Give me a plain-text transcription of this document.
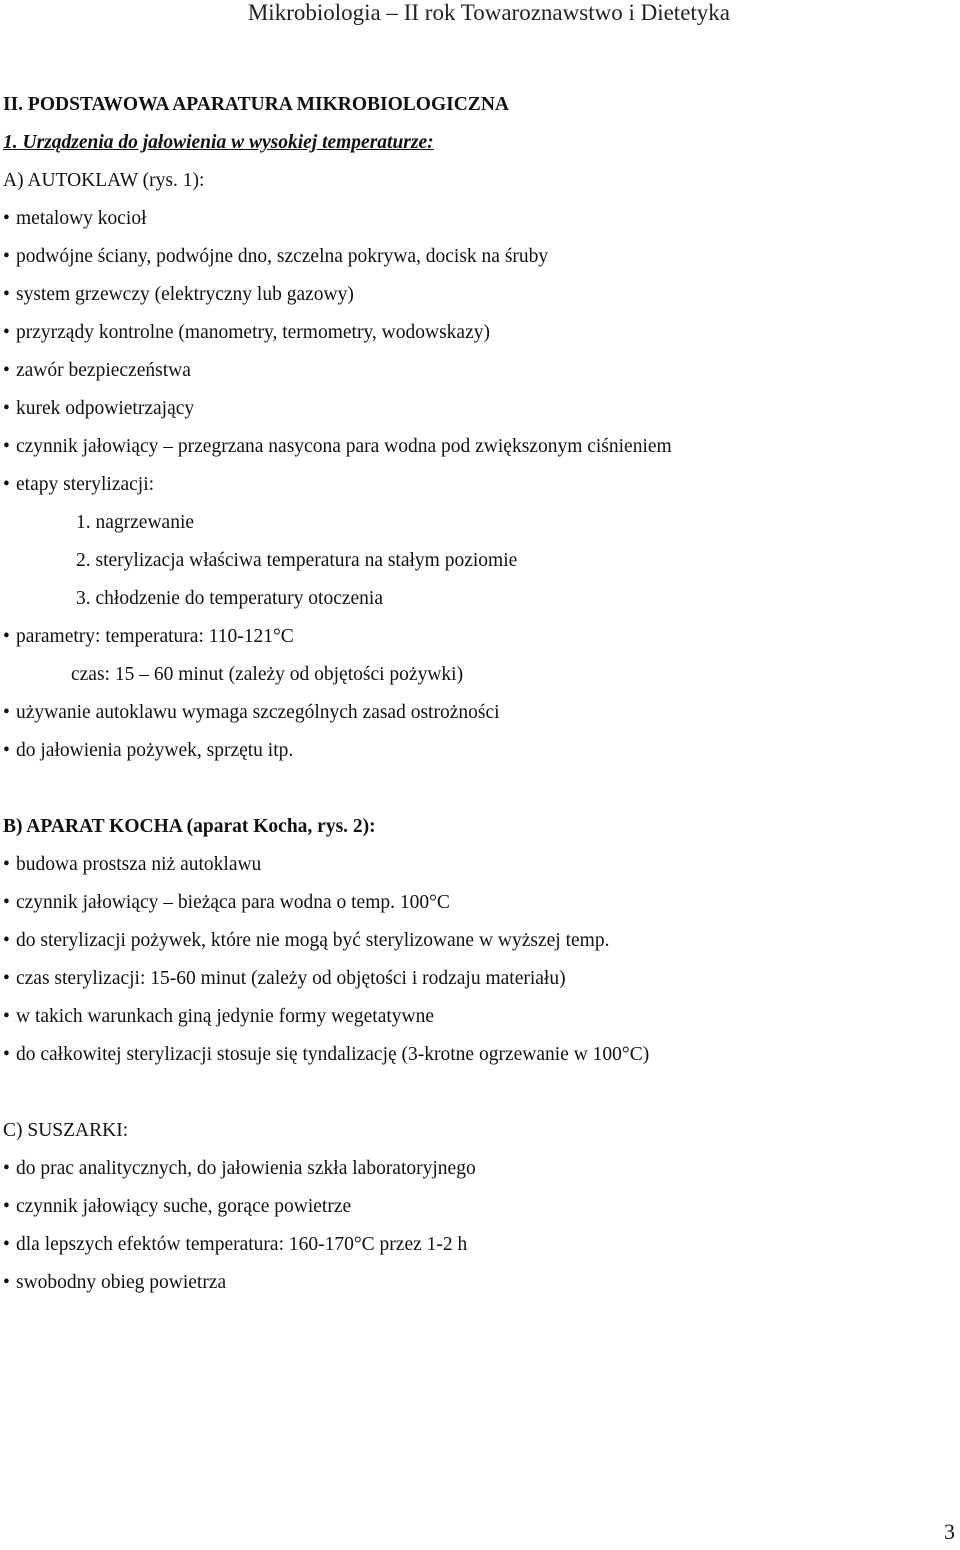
Mikrobiologia – II rok Towaroznawstwo i Dietetyka
II. PODSTAWOWA APARATURA MIKROBIOLOGICZNA
1. Urządzenia do jałowienia w wysokiej temperaturze:
A) AUTOKLAW (rys. 1):
• metalowy kocioł
• podwójne ściany, podwójne dno, szczelna pokrywa, docisk na śruby
• system grzewczy (elektryczny lub gazowy)
• przyrządy kontrolne (manometry, termometry, wodowskazy)
• zawór bezpieczeństwa
• kurek odpowietrzający
• czynnik jałowiący – przegrzana nasycona para wodna pod zwiększonym ciśnieniem
• etapy sterylizacji:
1. nagrzewanie
2. sterylizacja właściwa temperatura na stałym poziomie
3. chłodzenie do temperatury otoczenia
• parametry: temperatura: 110-121°C
czas: 15 – 60 minut (zależy od objętości pożywki)
• używanie autoklawu wymaga szczególnych zasad ostrożności
• do jałowienia pożywek, sprzętu itp.
B) APARAT KOCHA (aparat Kocha, rys. 2):
• budowa prostsza niż autoklawu
• czynnik jałowiący – bieżąca para wodna o temp. 100°C
• do sterylizacji pożywek, które nie mogą być sterylizowane w wyższej temp.
• czas sterylizacji: 15-60 minut (zależy od objętości i rodzaju materiału)
• w takich warunkach giną jedynie formy wegetatywne
• do całkowitej sterylizacji stosuje się tyndalizację (3-krotne ogrzewanie w 100°C)
C) SUSZARKI:
• do prac analitycznych, do jałowienia szkła laboratoryjnego
• czynnik jałowiący suche, gorące powietrze
• dla lepszych efektów temperatura: 160-170°C przez 1-2 h
• swobodny obieg powietrza
3
